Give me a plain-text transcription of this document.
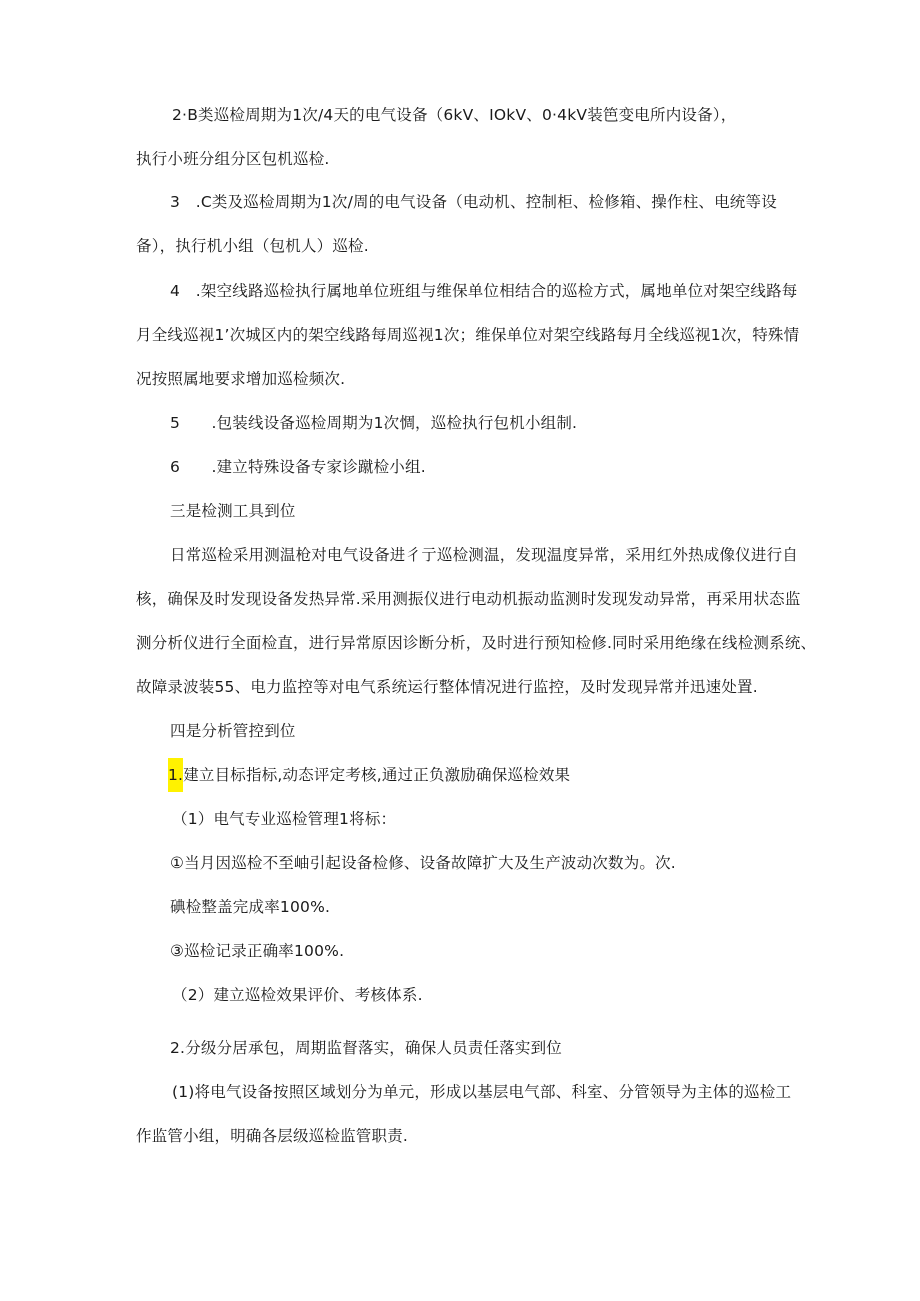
2·B类巡检周期为1次/4天的电气设备（6kV、IOkV、0·4kV装笆变电所内设备），
执行小班分组分区包机巡检.
3　.C类及巡检周期为1次/周的电气设备（电动机、控制柜、检修箱、操作柱、电统等设
备），执行机小组（包机人）巡检.
4　.架空线路巡检执行属地单位班组与维保单位相结合的巡检方式，属地单位对架空线路每
月全线巡视1’次城区内的架空线路每周巡视1次；维保单位对架空线路每月全线巡视1次，特殊情
况按照属地要求增加巡检频次.
5　　.包装线设备巡检周期为1次惆，巡检执行包机小组制.
6　　.建立特殊设备专家诊蹴检小组.
三是检测工具到位
日常巡检采用测温枪对电气设备进彳亍巡检测温，发现温度异常，采用红外热成像仪进行自
核，确保及时发现设备发热异常.采用测振仪进行电动机振动监测时发现发动异常，再采用状态监
测分析仪进行全面检直，进行异常原因诊断分析，及时进行预知检修.同时采用绝缘在线检测系统、
故障录波装55、电力监控等对电气系统运行整体情况进行监控，及时发现异常并迅速处置.
四是分析管控到位
1.建立目标指标,动态评定考核,通过正负激励确保巡检效果
（1）电气专业巡检管理1将标：
①当月因巡检不至岫引起设备检修、设备故障扩大及生产波动次数为。次.
碘检整盖完成率100%.
③巡检记录正确率100%.
（2）建立巡检效果评价、考核体系.
2.分级分居承包，周期监督落实，确保人员责任落实到位
(1)将电气设备按照区域划分为单元，形成以基层电气部、科室、分管领导为主体的巡检工
作监管小组，明确各层级巡检监管职责.
